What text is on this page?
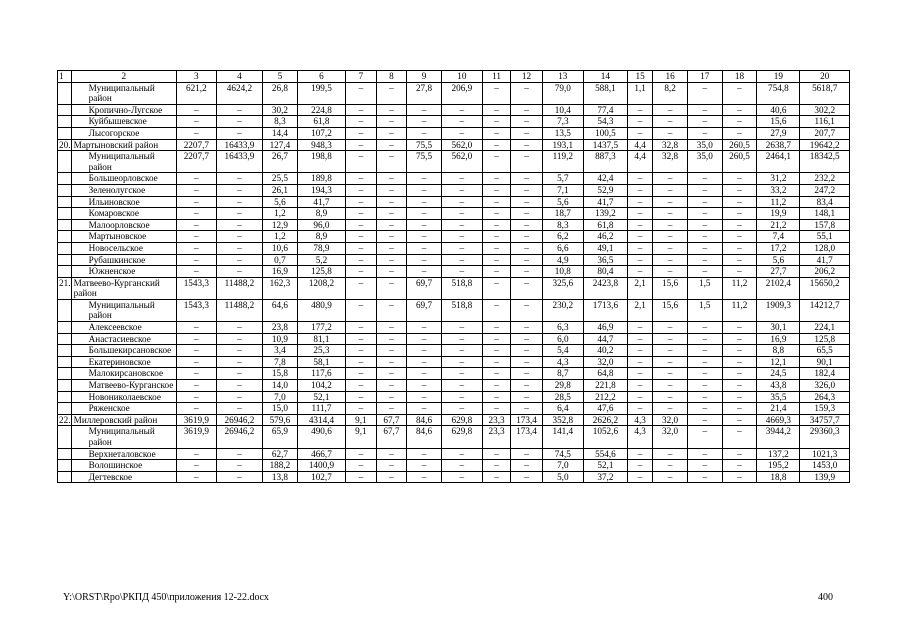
1	2	3	4	5	6	7	8	9	10	11	12	13	14	15	16	17	18	19	20
	Муниципальный район	621,2	4624,2	26,8	199,5	–	–	27,8	206,9	–	–	79,0	588,1	1,1	8,2	–	–	754,8	5618,7
	Кропично-Лугское	–	–	30,2	224,8	–	–	–	–	–	–	10,4	77,4	–	–	–	–	40,6	302,2
	Куйбышевское	–	–	8,3	61,8	–	–	–	–	–	–	7,3	54,3	–	–	–	–	15,6	116,1
	Лысогорское	–	–	14,4	107,2	–	–	–	–	–	–	13,5	100,5	–	–	–	–	27,9	207,7
20.	Мартыновский район	2207,7	16433,9	127,4	948,3	–	–	75,5	562,0	–	–	193,1	1437,5	4,4	32,8	35,0	260,5	2638,7	19642,2
	Муниципальный район	2207,7	16433,9	26,7	198,8	–	–	75,5	562,0	–	–	119,2	887,3	4,4	32,8	35,0	260,5	2464,1	18342,5
	Большеорловское	–	–	25,5	189,8	–	–	–	–	–	–	5,7	42,4	–	–	–	–	31,2	232,2
	Зеленолугское	–	–	26,1	194,3	–	–	–	–	–	–	7,1	52,9	–	–	–	–	33,2	247,2
	Ильиновское	–	–	5,6	41,7	–	–	–	–	–	–	5,6	41,7	–	–	–	–	11,2	83,4
	Комаровское	–	–	1,2	8,9	–	–	–	–	–	–	18,7	139,2	–	–	–	–	19,9	148,1
	Малоорловское	–	–	12,9	96,0	–	–	–	–	–	–	8,3	61,8	–	–	–	–	21,2	157,8
	Мартыновское	–	–	1,2	8,9	–	–	–	–	–	–	6,2	46,2	–	–	–	–	7,4	55,1
	Новосельское	–	–	10,6	78,9	–	–	–	–	–	–	6,6	49,1	–	–	–	–	17,2	128,0
	Рубашкинское	–	–	0,7	5,2	–	–	–	–	–	–	4,9	36,5	–	–	–	–	5,6	41,7
	Южненское	–	–	16,9	125,8	–	–	–	–	–	–	10,8	80,4	–	–	–	–	27,7	206,2
21.	Матвеево-Курганский район	1543,3	11488,2	162,3	1208,2	–	–	69,7	518,8	–	–	325,6	2423,8	2,1	15,6	1,5	11,2	2102,4	15650,2
	Муниципальный район	1543,3	11488,2	64,6	480,9	–	–	69,7	518,8	–	–	230,2	1713,6	2,1	15,6	1,5	11,2	1909,3	14212,7
	Алексеевское	–	–	23,8	177,2	–	–	–	–	–	–	6,3	46,9	–	–	–	–	30,1	224,1
	Анастасиевское	–	–	10,9	81,1	–	–	–	–	–	–	6,0	44,7	–	–	–	–	16,9	125,8
	Большекирсановское	–	–	3,4	25,3	–	–	–	–	–	–	5,4	40,2	–	–	–	–	8,8	65,5
	Екатериновское	–	–	7,8	58,1	–	–	–	–	–	–	4,3	32,0	–	–	–	–	12,1	90,1
	Малокирсановское	–	–	15,8	117,6	–	–	–	–	–	–	8,7	64,8	–	–	–	–	24,5	182,4
	Матвеево-Курганское	–	–	14,0	104,2	–	–	–	–	–	–	29,8	221,8	–	–	–	–	43,8	326,0
	Новониколаевское	–	–	7,0	52,1	–	–	–	–	–	–	28,5	212,2	–	–	–	–	35,5	264,3
	Ряженское	–	–	15,0	111,7	–	–	–	–	–	–	6,4	47,6	–	–	–	–	21,4	159,3
22.	Миллеровский район	3619,9	26946,2	579,6	4314,4	9,1	67,7	84,6	629,8	23,3	173,4	352,8	2626,2	4,3	32,0	–	–	4669,3	34757,7
	Муниципальный район	3619,9	26946,2	65,9	490,6	9,1	67,7	84,6	629,8	23,3	173,4	141,4	1052,6	4,3	32,0	–	–	3944,2	29360,3
	Верхнеталовское	–	–	62,7	466,7	–	–	–	–	–	–	74,5	554,6	–	–	–	–	137,2	1021,3
	Волошинское	–	–	188,2	1400,9	–	–	–	–	–	–	7,0	52,1	–	–	–	–	195,2	1453,0
	Дегтевское	–	–	13,8	102,7	–	–	–	–	–	–	5,0	37,2	–	–	–	–	18,8	139,9
Y:\ORST\Rpo\РКПД 450\приложения 12-22.docx	400
